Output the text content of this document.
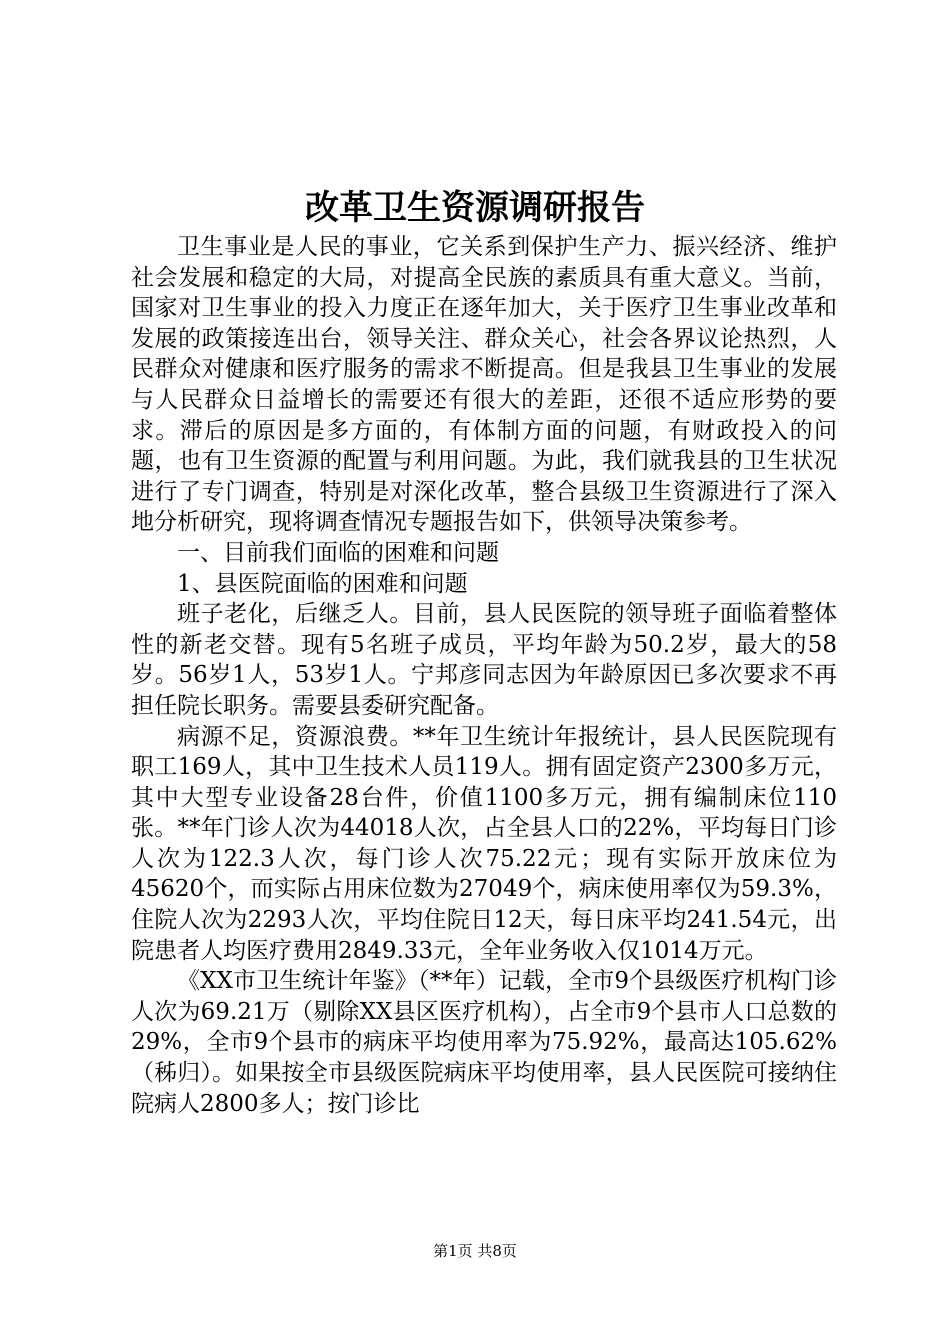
改革卫生资源调研报告

卫生事业是人民的事业，它关系到保护生产力、振兴经济、维护社会发展和稳定的大局，对提高全民族的素质具有重大意义。当前，国家对卫生事业的投入力度正在逐年加大，关于医疗卫生事业改革和发展的政策接连出台，领导关注、群众关心，社会各界议论热烈，人民群众对健康和医疗服务的需求不断提高。但是我县卫生事业的发展与人民群众日益增长的需要还有很大的差距，还很不适应形势的要求。滞后的原因是多方面的，有体制方面的问题，有财政投入的问题，也有卫生资源的配置与利用问题。为此，我们就我县的卫生状况进行了专门调查，特别是对深化改革，整合县级卫生资源进行了深入地分析研究，现将调查情况专题报告如下，供领导决策参考。

一、目前我们面临的困难和问题

1、县医院面临的困难和问题

班子老化，后继乏人。目前，县人民医院的领导班子面临着整体性的新老交替。现有5名班子成员，平均年龄为50.2岁，最大的58岁。56岁1人，53岁1人。宁邦彦同志因为年龄原因已多次要求不再担任院长职务。需要县委研究配备。

病源不足，资源浪费。**年卫生统计年报统计，县人民医院现有职工169人，其中卫生技术人员119人。拥有固定资产2300多万元，其中大型专业设备28台件，价值1100多万元，拥有编制床位110张。**年门诊人次为44018人次，占全县人口的22%，平均每日门诊人次为122.3人次，每门诊人次75.22元；现有实际开放床位为45620个，而实际占用床位数为27049个，病床使用率仅为59.3%，住院人次为2293人次，平均住院日12天，每日床平均241.54元，出院患者人均医疗费用2849.33元，全年业务收入仅1014万元。

《XX市卫生统计年鉴》（**年）记载，全市9个县级医疗机构门诊人次为69.21万（剔除XX县区医疗机构），占全市9个县市人口总数的29%，全市9个县市的病床平均使用率为75.92%，最高达105.62%（秭归）。如果按全市县级医院病床平均使用率，县人民医院可接纳住院病人2800多人；按门诊比

第1页 共8页
